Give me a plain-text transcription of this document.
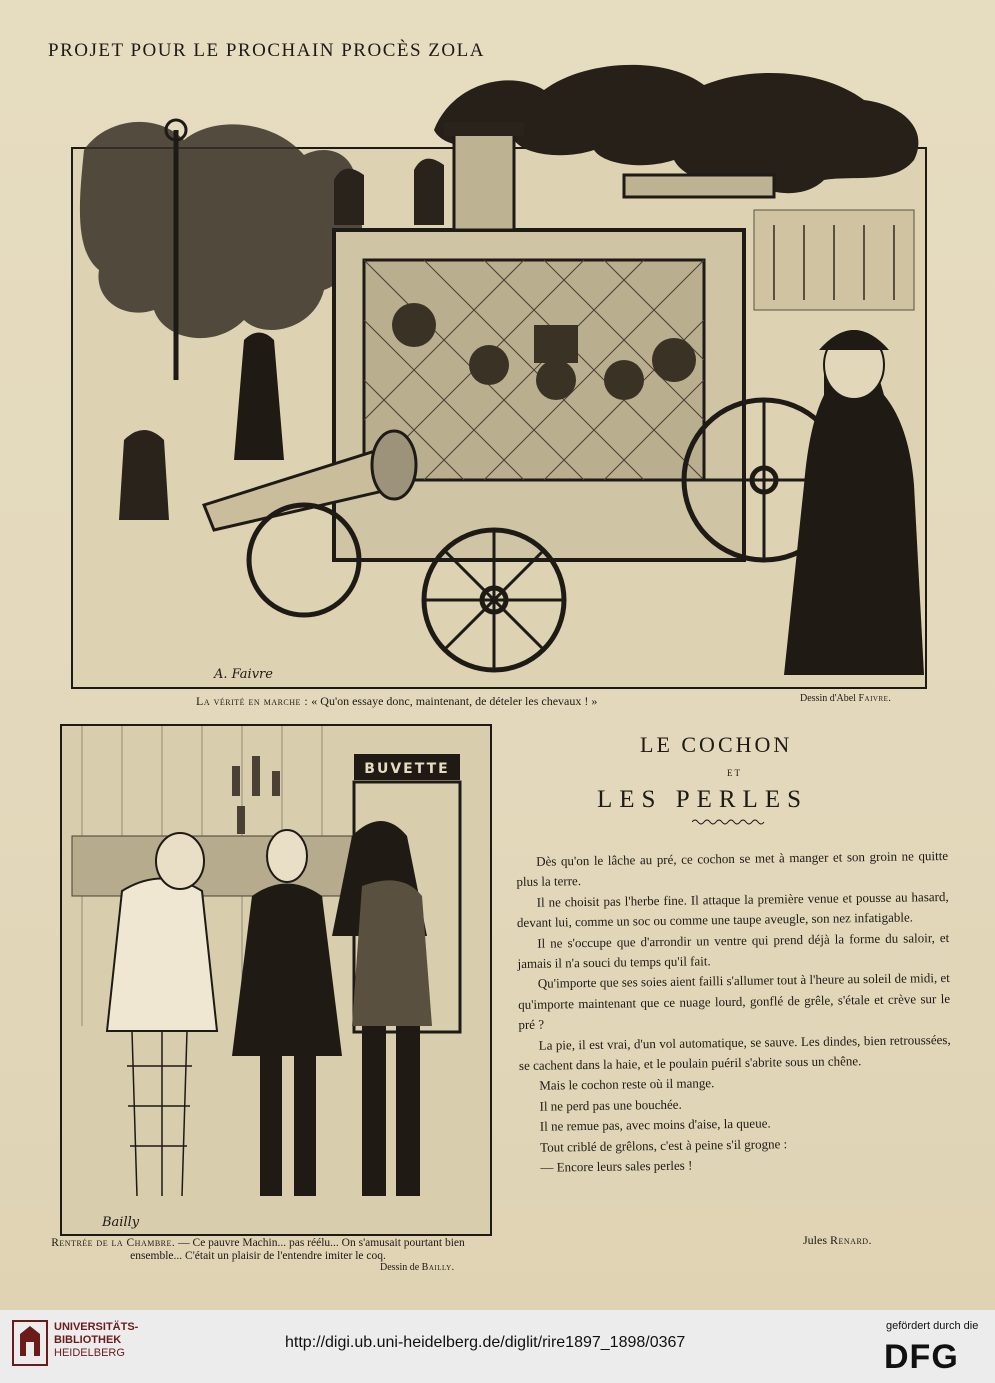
PROJET POUR LE PROCHAIN PROCÈS ZOLA
A. Faivre
La vérité en marche : « Qu'on essaye donc, maintenant, de dételer les chevaux ! »	Dessin d'Abel Faivre.
BUVETTE
Bailly
Rentrée de la Chambre. — Ce pauvre Machin... pas réélu... On s'amusait pourtant bien ensemble... C'était un plaisir de l'entendre imiter le coq.
Dessin de Bailly.
LE COCHON
ET
LES PERLES

Dès qu'on le lâche au pré, ce cochon se met à manger et son groin ne quitte plus la terre.

Il ne choisit pas l'herbe fine. Il attaque la première venue et pousse au hasard, devant lui, comme un soc ou comme une taupe aveugle, son nez infatigable.

Il ne s'occupe que d'arrondir un ventre qui prend déjà la forme du saloir, et jamais il n'a souci du temps qu'il fait.

Qu'importe que ses soies aient failli s'allumer tout à l'heure au soleil de midi, et qu'importe maintenant que ce nuage lourd, gonflé de grêle, s'étale et crève sur le pré ?

La pie, il est vrai, d'un vol automatique, se sauve. Les dindes, bien retroussées, se cachent dans la haie, et le poulain puéril s'abrite sous un chêne.

Mais le cochon reste où il mange.

Il ne perd pas une bouchée.

Il ne remue pas, avec moins d'aise, la queue.

Tout criblé de grêlons, c'est à peine s'il grogne :

— Encore leurs sales perles !

Jules Renard.
UNIVERSITÄTS-
BIBLIOTHEK
HEIDELBERG
http://digi.ub.uni-heidelberg.de/diglit/rire1897_1898/0367
gefördert durch die
DFG
